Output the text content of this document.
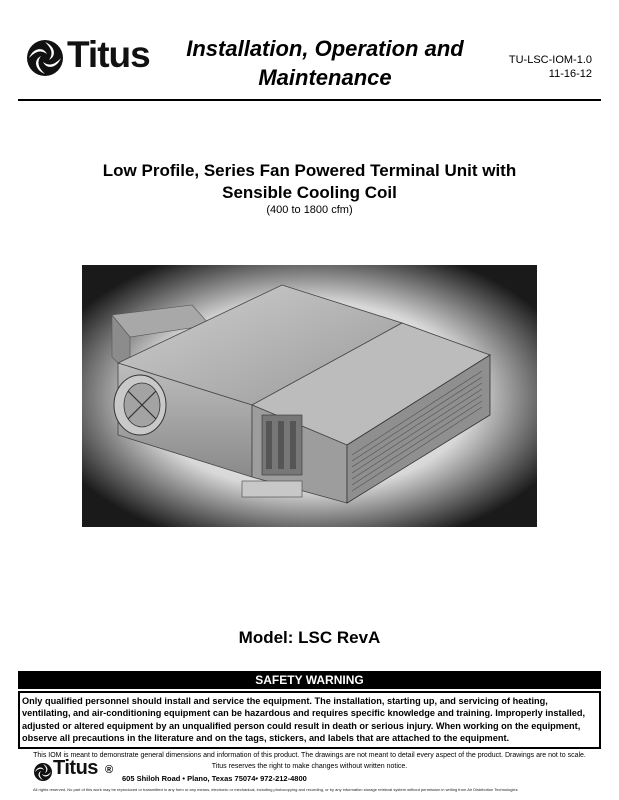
Titus	Installation, Operation and
Maintenance
TU-LSC-IOM-1.0
11-16-12
Low Profile, Series Fan Powered Terminal Unit with
Sensible Cooling Coil
(400 to 1800 cfm)
Model: LSC RevA
SAFETY WARNING
Only qualified personnel should install and service the equipment. The installation, starting up, and servicing of heating, ventilating, and air-conditioning equipment can be hazardous and requires specific knowledge and training. Improperly installed, adjusted or altered equipment by an unqualified person could result in death or serious injury. When working on the equipment, observe all precautions in the literature and on the tags, stickers, and labels that are attached to the equipment.
This IOM is meant to demonstrate general dimensions and information of this product. The drawings are not meant to detail every aspect of the product. Drawings are not to scale.
Titus reserves the right to make changes without written notice.
Titus ®
605 Shiloh Road • Plano, Texas 75074• 972-212-4800
All rights reserved. No part of this work may be reproduced or transmitted in any form or any means, electronic or mechanical, including photocopying and recording, or by any information storage retrieval system without permission in writing from Air Distribution Technologies
